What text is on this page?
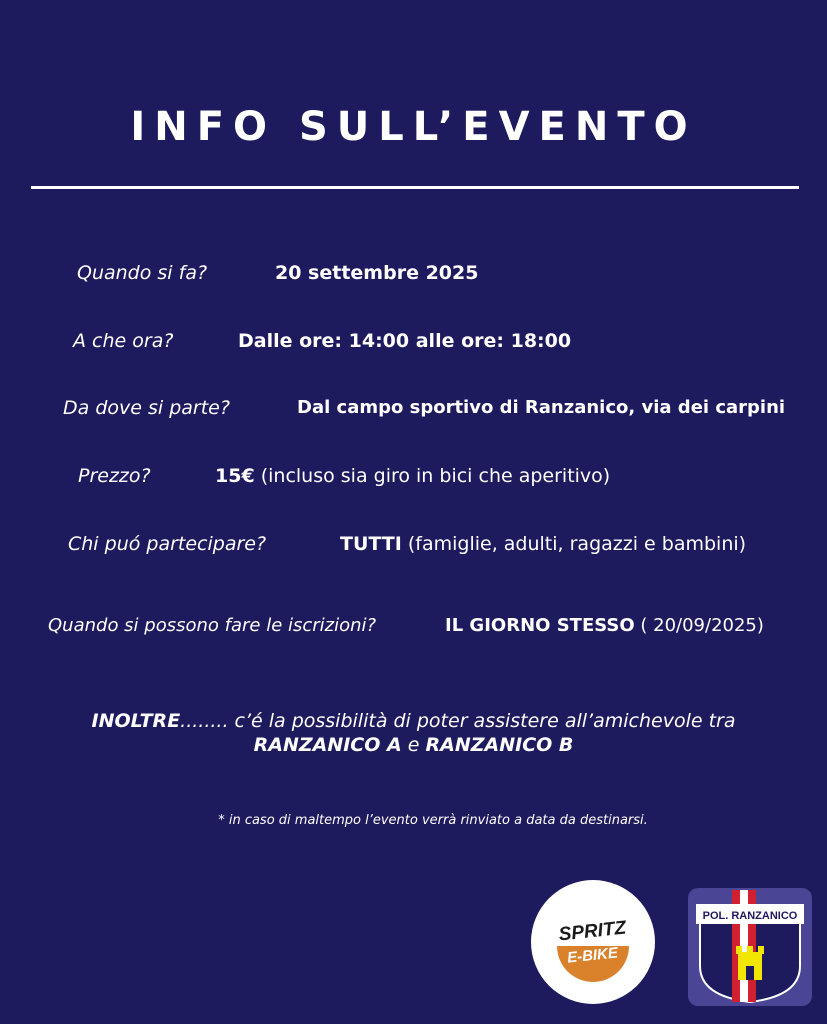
INFO SULL’EVENTO
Quando si fa?	20 settembre 2025
A che ora?	Dalle ore: 14:00 alle ore: 18:00
Da dove si parte?	Dal campo sportivo di Ranzanico, via dei carpini
Prezzo?	15€ (incluso sia giro in bici che aperitivo)
Chi puó partecipare?	TUTTI (famiglie, adulti, ragazzi e bambini)
Quando si possono fare le iscrizioni?	IL GIORNO STESSO ( 20/09/2025)
INOLTRE........ c’é la possibilità di poter assistere all’amichevole tra
RANZANICO A e RANZANICO B
* in caso di maltempo l’evento verrà rinviato a data da destinarsi.
SPRITZ
E-BIKE
POL. RANZANICO
